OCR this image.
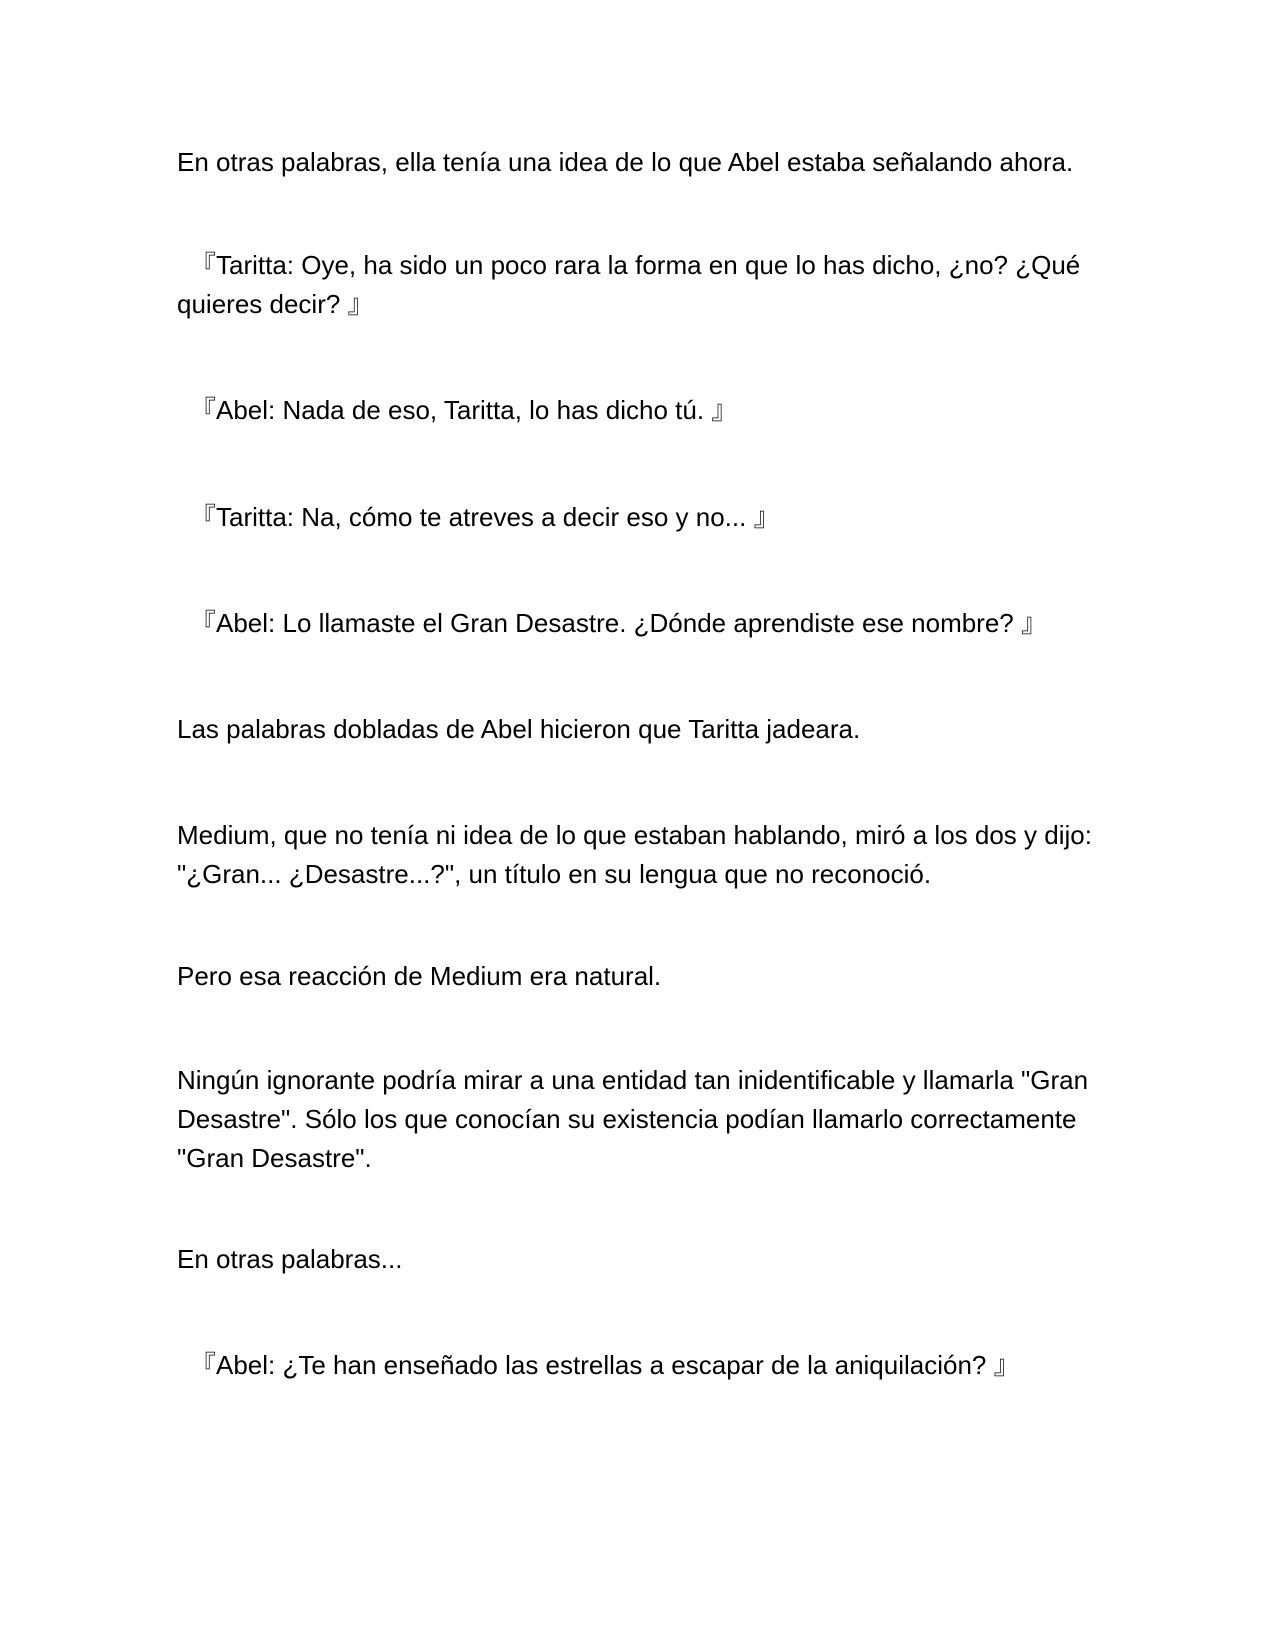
En otras palabras, ella tenía una idea de lo que Abel estaba señalando ahora.

『Taritta: Oye, ha sido un poco rara la forma en que lo has dicho, ¿no? ¿Qué quieres decir? 』

『Abel: Nada de eso, Taritta, lo has dicho tú. 』

『Taritta: Na, cómo te atreves a decir eso y no... 』

『Abel: Lo llamaste el Gran Desastre. ¿Dónde aprendiste ese nombre? 』

Las palabras dobladas de Abel hicieron que Taritta jadeara.

Medium, que no tenía ni idea de lo que estaban hablando, miró a los dos y dijo: "¿Gran... ¿Desastre...?", un título en su lengua que no reconoció.

Pero esa reacción de Medium era natural.

Ningún ignorante podría mirar a una entidad tan inidentificable y llamarla "Gran Desastre". Sólo los que conocían su existencia podían llamarlo correctamente "Gran Desastre".

En otras palabras...

『Abel: ¿Te han enseñado las estrellas a escapar de la aniquilación? 』
